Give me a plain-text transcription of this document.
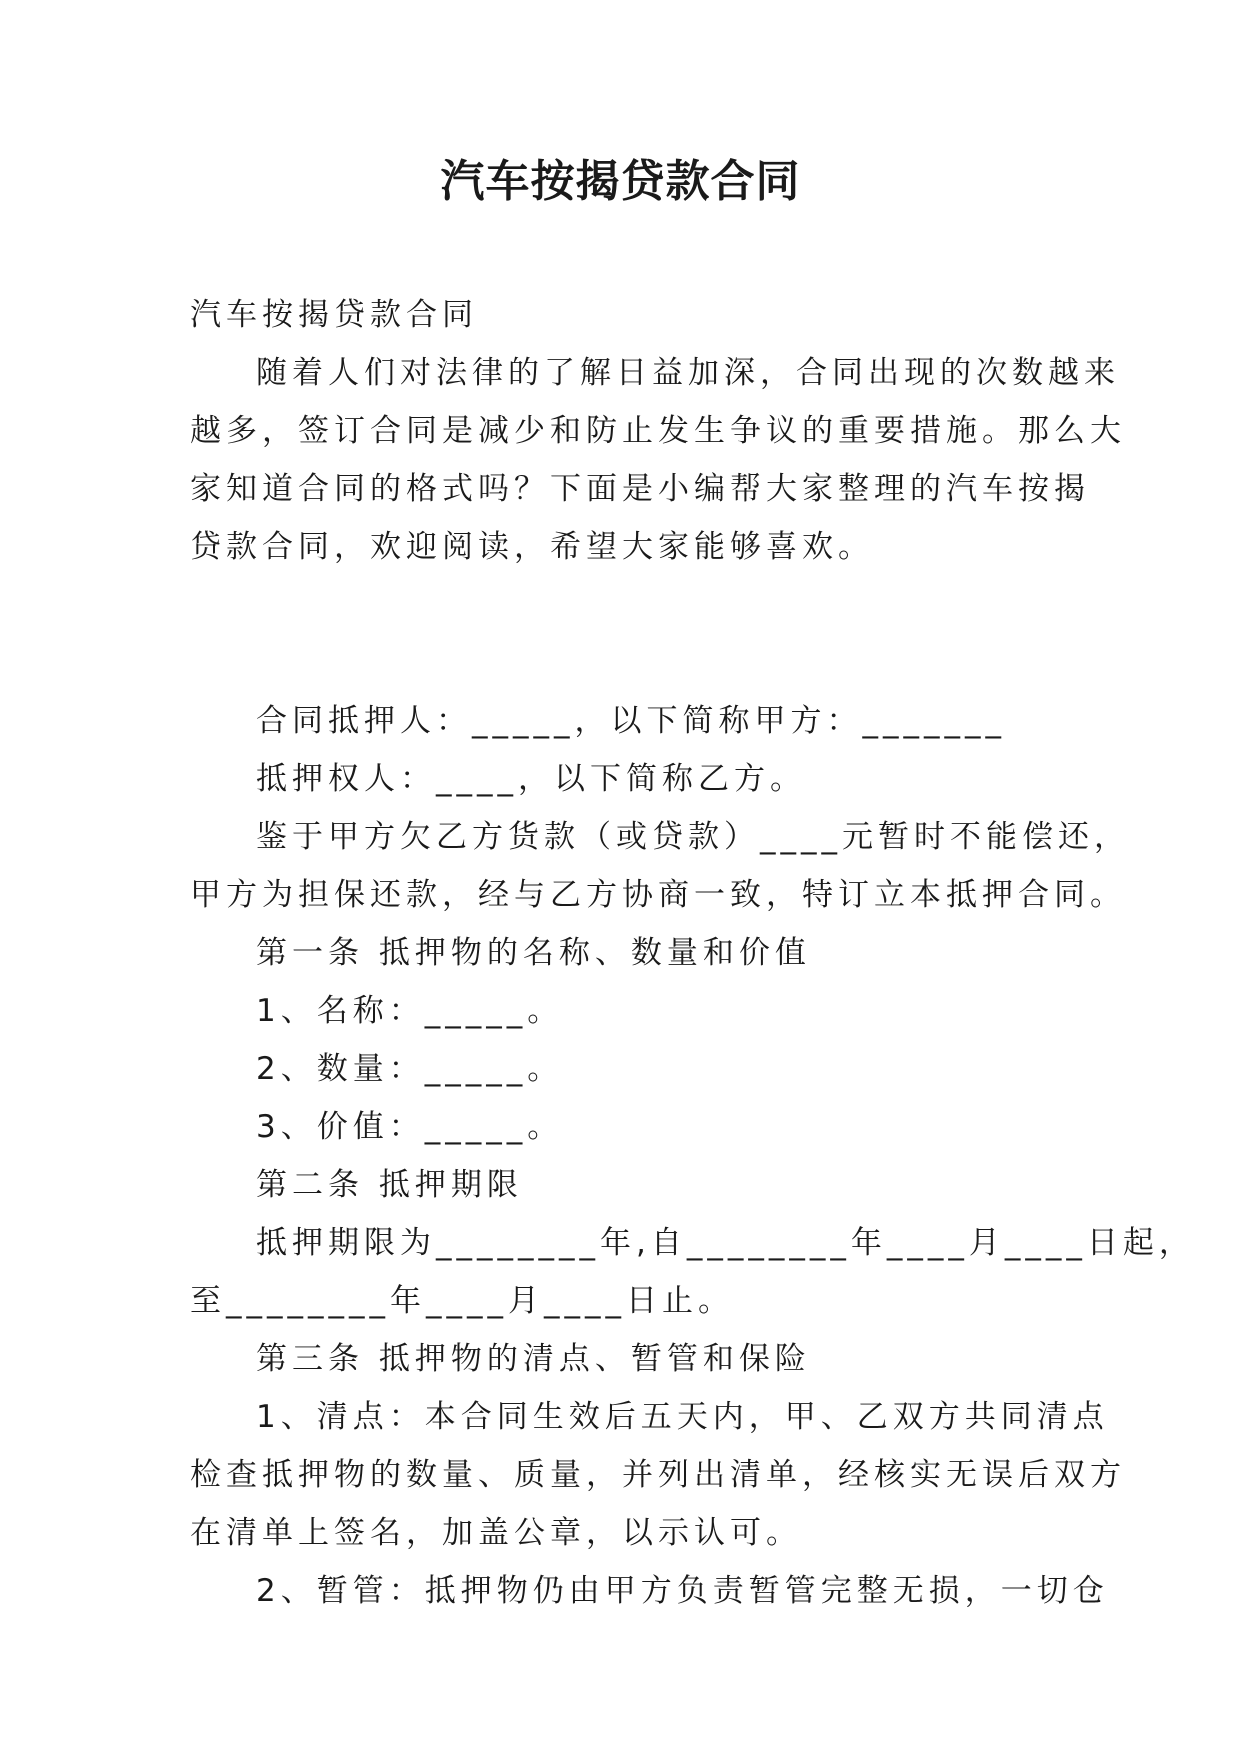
汽车按揭贷款合同

汽车按揭贷款合同

随着人们对法律的了解日益加深，合同出现的次数越来

越多，签订合同是减少和防止发生争议的重要措施。那么大

家知道合同的格式吗？下面是小编帮大家整理的汽车按揭

贷款合同，欢迎阅读，希望大家能够喜欢。

合同抵押人：_____，以下简称甲方：_______

抵押权人：____，以下简称乙方。

鉴于甲方欠乙方货款（或贷款）____元暂时不能偿还，

甲方为担保还款，经与乙方协商一致，特订立本抵押合同。

第一条 抵押物的名称、数量和价值

1、名称：_____。

2、数量：_____。

3、价值：_____。

第二条 抵押期限

抵押期限为________年,自________年____月____日起，

至________年____月____日止。

第三条 抵押物的清点、暂管和保险

1、清点：本合同生效后五天内，甲、乙双方共同清点

检查抵押物的数量、质量，并列出清单，经核实无误后双方

在清单上签名，加盖公章，以示认可。

2、暂管：抵押物仍由甲方负责暂管完整无损，一切仓
